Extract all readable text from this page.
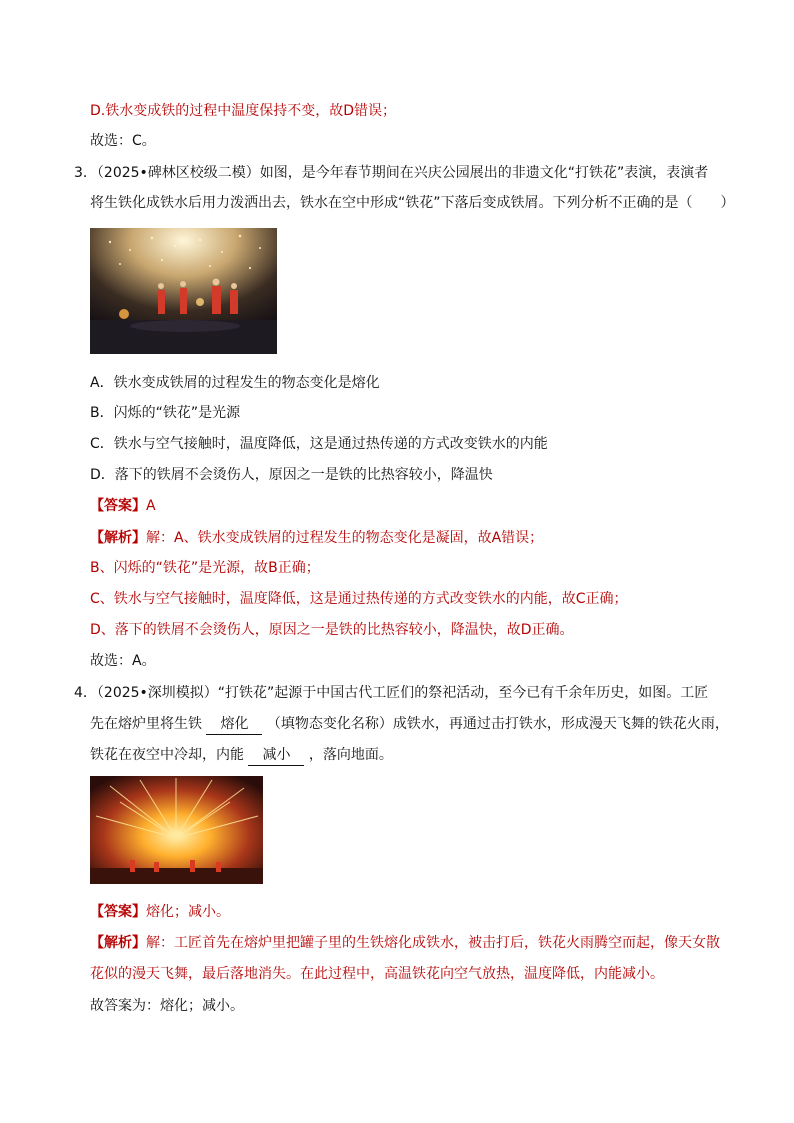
D.铁水变成铁的过程中温度保持不变，故D错误；
故选：C。
3．（2025•碑林区校级二模）如图，是今年春节期间在兴庆公园展出的非遗文化“打铁花”表演，表演者
将生铁化成铁水后用力泼洒出去，铁水在空中形成“铁花”下落后变成铁屑。下列分析不正确的是（　　）
A．铁水变成铁屑的过程发生的物态变化是熔化
B．闪烁的“铁花”是光源
C．铁水与空气接触时，温度降低，这是通过热传递的方式改变铁水的内能
D．落下的铁屑不会烫伤人，原因之一是铁的比热容较小，降温快
【答案】A
【解析】解：A、铁水变成铁屑的过程发生的物态变化是凝固，故A错误；
B、闪烁的“铁花”是光源，故B正确；
C、铁水与空气接触时，温度降低，这是通过热传递的方式改变铁水的内能，故C正确；
D、落下的铁屑不会烫伤人，原因之一是铁的比热容较小，降温快，故D正确。
故选：A。
4．（2025•深圳模拟）“打铁花”起源于中国古代工匠们的祭祀活动，至今已有千余年历史，如图。工匠
先在熔炉里将生铁 熔化 （填物态变化名称）成铁水，再通过击打铁水，形成漫天飞舞的铁花火雨，
铁花在夜空中冷却，内能 减小 ，落向地面。
【答案】熔化；减小。
【解析】解：工匠首先在熔炉里把罐子里的生铁熔化成铁水，被击打后，铁花火雨腾空而起，像天女散
花似的漫天飞舞，最后落地消失。在此过程中，高温铁花向空气放热，温度降低，内能减小。
故答案为：熔化；减小。
